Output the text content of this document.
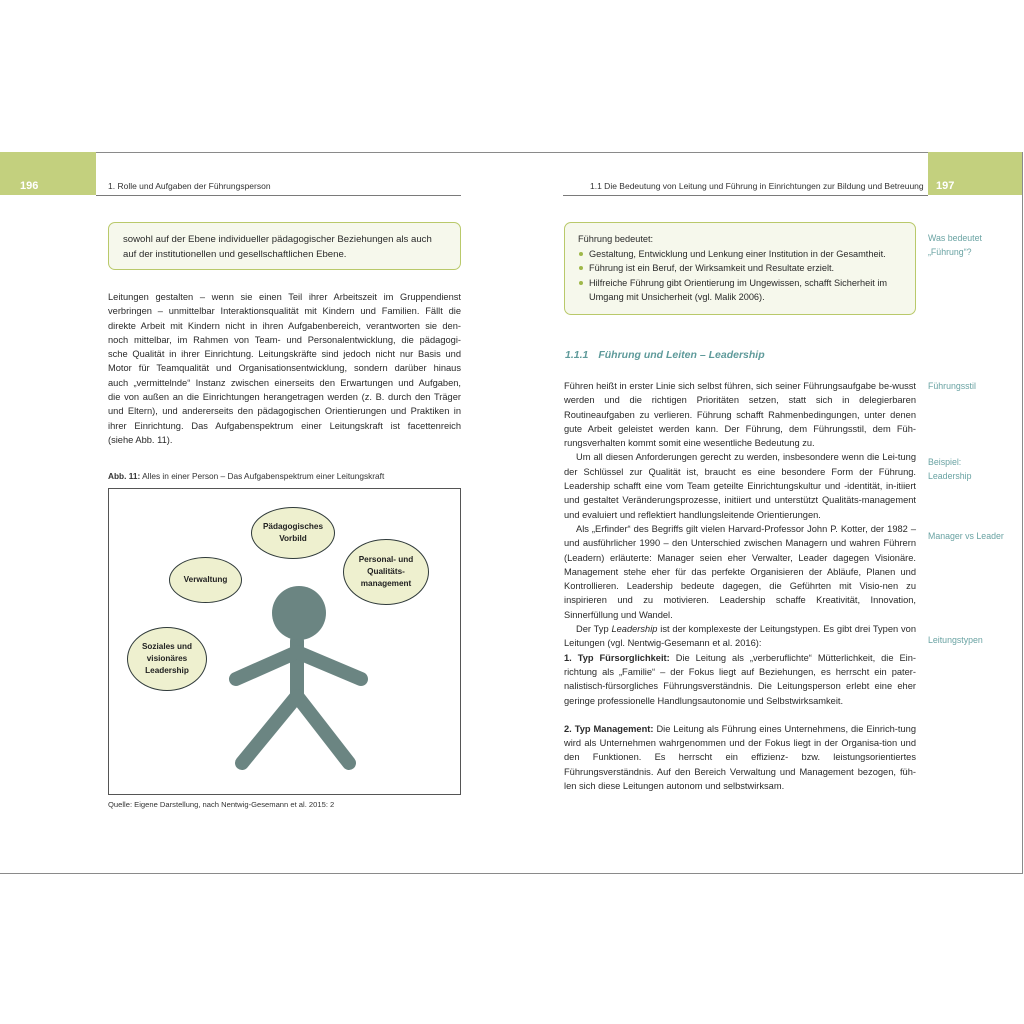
196	197
1. Rolle und Aufgaben der Führungsperson	1.1 Die Bedeutung von Leitung und Führung in Einrichtungen zur Bildung und Betreuung
sowohl auf der Ebene individueller pädagogischer Beziehungen als auch
auf der institutionellen und gesellschaftlichen Ebene.
Leitungen gestalten – wenn sie einen Teil ihrer Arbeitszeit im Gruppendienst
verbringen – unmittelbar Interaktionsqualität mit Kindern und Familien. Fällt die
direkte Arbeit mit Kindern nicht in ihren Aufgabenbereich, verantworten sie den-
noch mittelbar, im Rahmen von Team- und Personalentwicklung, die pädagogi-
sche Qualität in ihrer Einrichtung. Leitungskräfte sind jedoch nicht nur Basis und
Motor für Teamqualität und Organisationsentwicklung, sondern darüber hinaus
auch „vermittelnde“ Instanz zwischen einerseits den Erwartungen und Aufgaben,
die von außen an die Einrichtungen herangetragen werden (z. B. durch den Träger
und Eltern), und andererseits den pädagogischen Orientierungen und Praktiken in
ihrer Einrichtung. Das Aufgabenspektrum einer Leitungskraft ist facettenreich
(siehe Abb. 11).
Abb. 11: Alles in einer Person – Das Aufgabenspektrum einer Leitungskraft
Pädagogisches
Vorbild
Verwaltung
Personal- und
Qualitäts-
management
Soziales und
visionäres
Leadership
Quelle: Eigene Darstellung, nach Nentwig-Gesemann et al. 2015: 2
Führung bedeutet:
Gestaltung, Entwicklung und Lenkung einer Institution in der Gesamtheit.
Führung ist ein Beruf, der Wirksamkeit und Resultate erzielt.
Hilfreiche Führung gibt Orientierung im Ungewissen, schafft Sicherheit im Umgang mit Unsicherheit (vgl. Malik 2006).
1.1.1 Führung und Leiten – Leadership

Führen heißt in erster Linie sich selbst führen, sich seiner Führungsaufgabe be-wusst werden und die richtigen Prioritäten setzen, statt sich in delegierbaren Routineaufgaben zu verlieren. Führung schafft Rahmenbedingungen, unter denen gute Arbeit geleistet werden kann. Der Führung, dem Führungsstil, dem Füh-rungsverhalten kommt somit eine wesentliche Bedeutung zu.

Um all diesen Anforderungen gerecht zu werden, insbesondere wenn die Lei-tung der Schlüssel zur Qualität ist, braucht es eine besondere Form der Führung. Leadership schafft eine vom Team geteilte Einrichtungskultur und -identität, in-itiiert und gestaltet Veränderungsprozesse, initiiert und unterstützt Qualitäts-management und evaluiert und reflektiert handlungsleitende Orientierungen.

Als „Erfinder“ des Begriffs gilt vielen Harvard-Professor John P. Kotter, der 1982 – und ausführlicher 1990 – den Unterschied zwischen Managern und wahren Führern (Leadern) erläuterte: Manager seien eher Verwalter, Leader dagegen Visionäre. Management stehe eher für das perfekte Organisieren der Abläufe, Planen und Kontrollieren. Leadership bedeute dagegen, die Geführten mit Visio-nen zu inspirieren und zu motivieren. Leadership schaffe Kreativität, Innovation, Sinnerfüllung und Wandel.

Der Typ Leadership ist der komplexeste der Leitungstypen. Es gibt drei Typen von Leitungen (vgl. Nentwig-Gesemann et al. 2016):

1. Typ Fürsorglichkeit: Die Leitung als „verberuflichte“ Mütterlichkeit, die Ein-richtung als „Familie“ – der Fokus liegt auf Beziehungen, es herrscht ein pater-nalistisch-fürsorgliches Führungsverständnis. Die Leitungsperson erlebt eine eher geringe professionelle Handlungsautonomie und Selbstwirksamkeit.

2. Typ Management: Die Leitung als Führung eines Unternehmens, die Einrich-tung wird als Unternehmen wahrgenommen und der Fokus liegt in der Organisa-tion und den Funktionen. Es herrscht ein effizienz- bzw. leistungsorientiertes Führungsverständnis. Auf den Bereich Verwaltung und Management bezogen, füh-len sich diese Leitungen autonom und selbstwirksam.

Was bedeutet
„Führung“?
Führungsstil
Beispiel:
Leadership
Manager vs Leader
Leitungstypen
